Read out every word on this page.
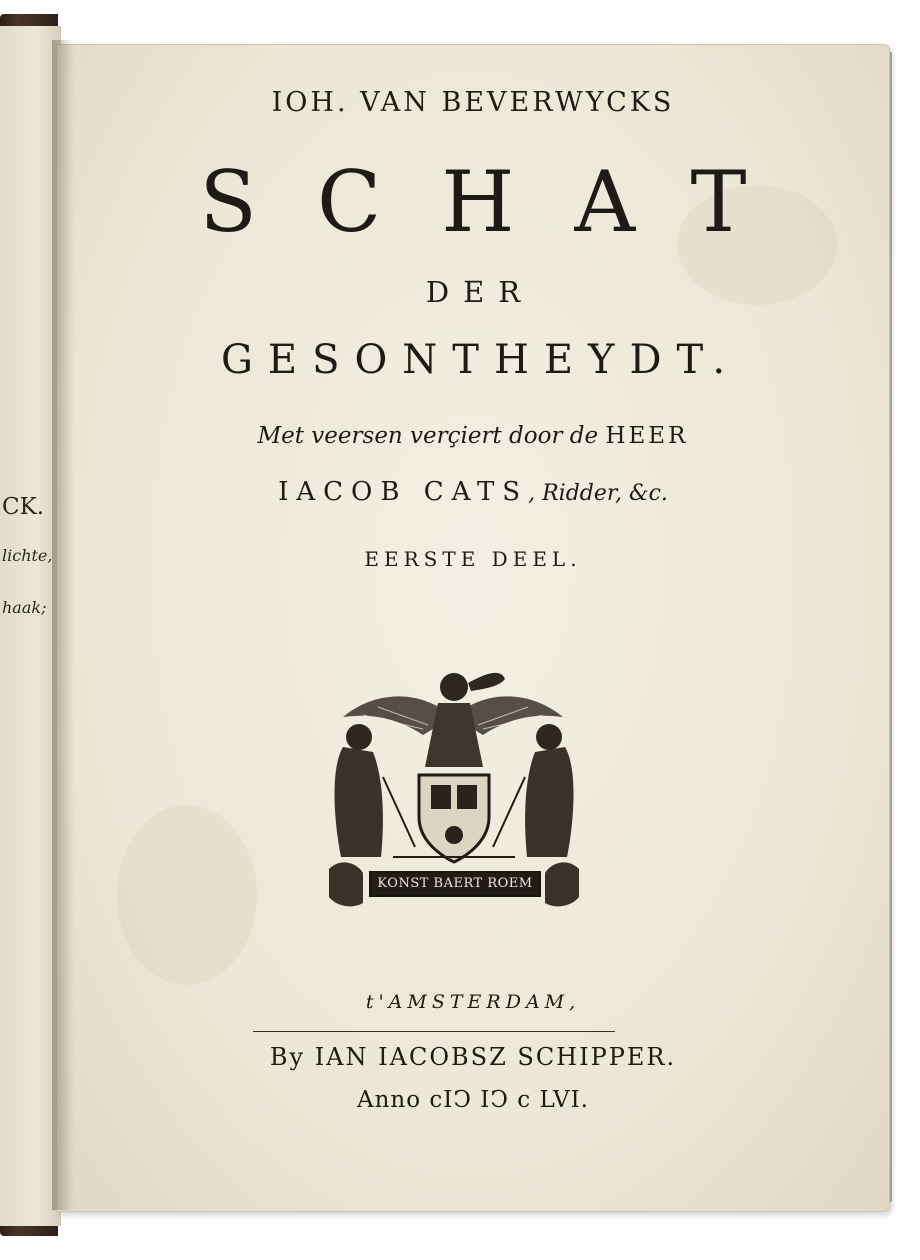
CK.
lichte,
haak;
IOH. VAN BEVERWYCKS
SCHAT
DER
GESONTHEYDT.
Met veersen verçiert door de HEER
IACOB CATS, Ridder, &c.
EERSTE DEEL.
KONST BAERT ROEM
t'AMSTERDAM,
By IAN IACOBSZ SCHIPPER.
Anno cIↃ IↃ c LVI.
